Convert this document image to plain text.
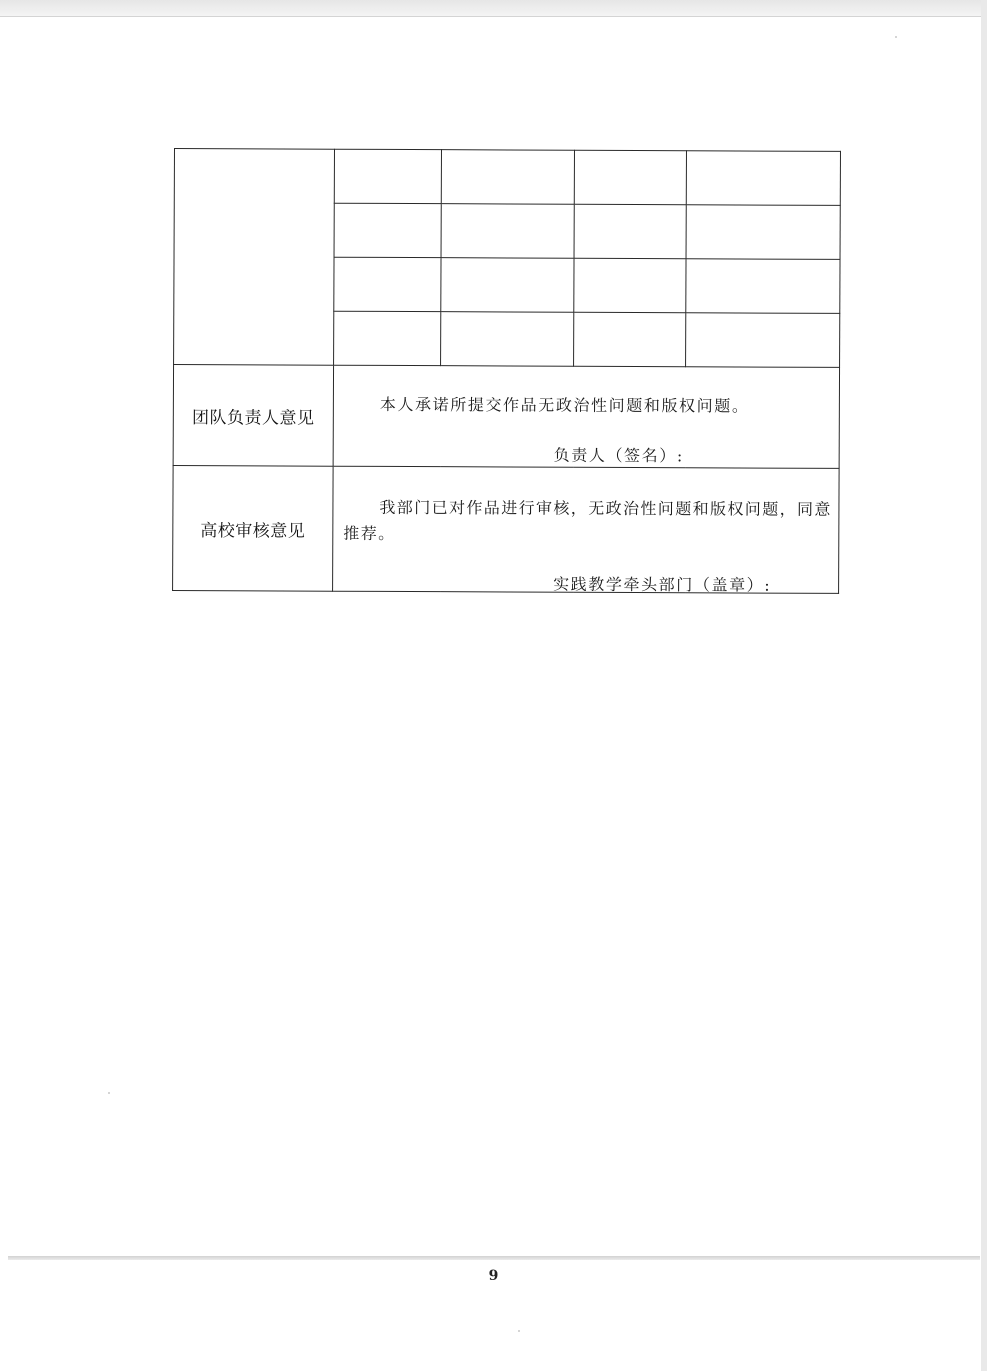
团队负责人意见	本人承诺所提交作品无政治性问题和版权问题。
负责人（签名）:			

高校审核意见	我部门已对作品进行审核，无政治性问题和版权问题，同意推荐。
实践教学牵头部门（盖章）:			
9
